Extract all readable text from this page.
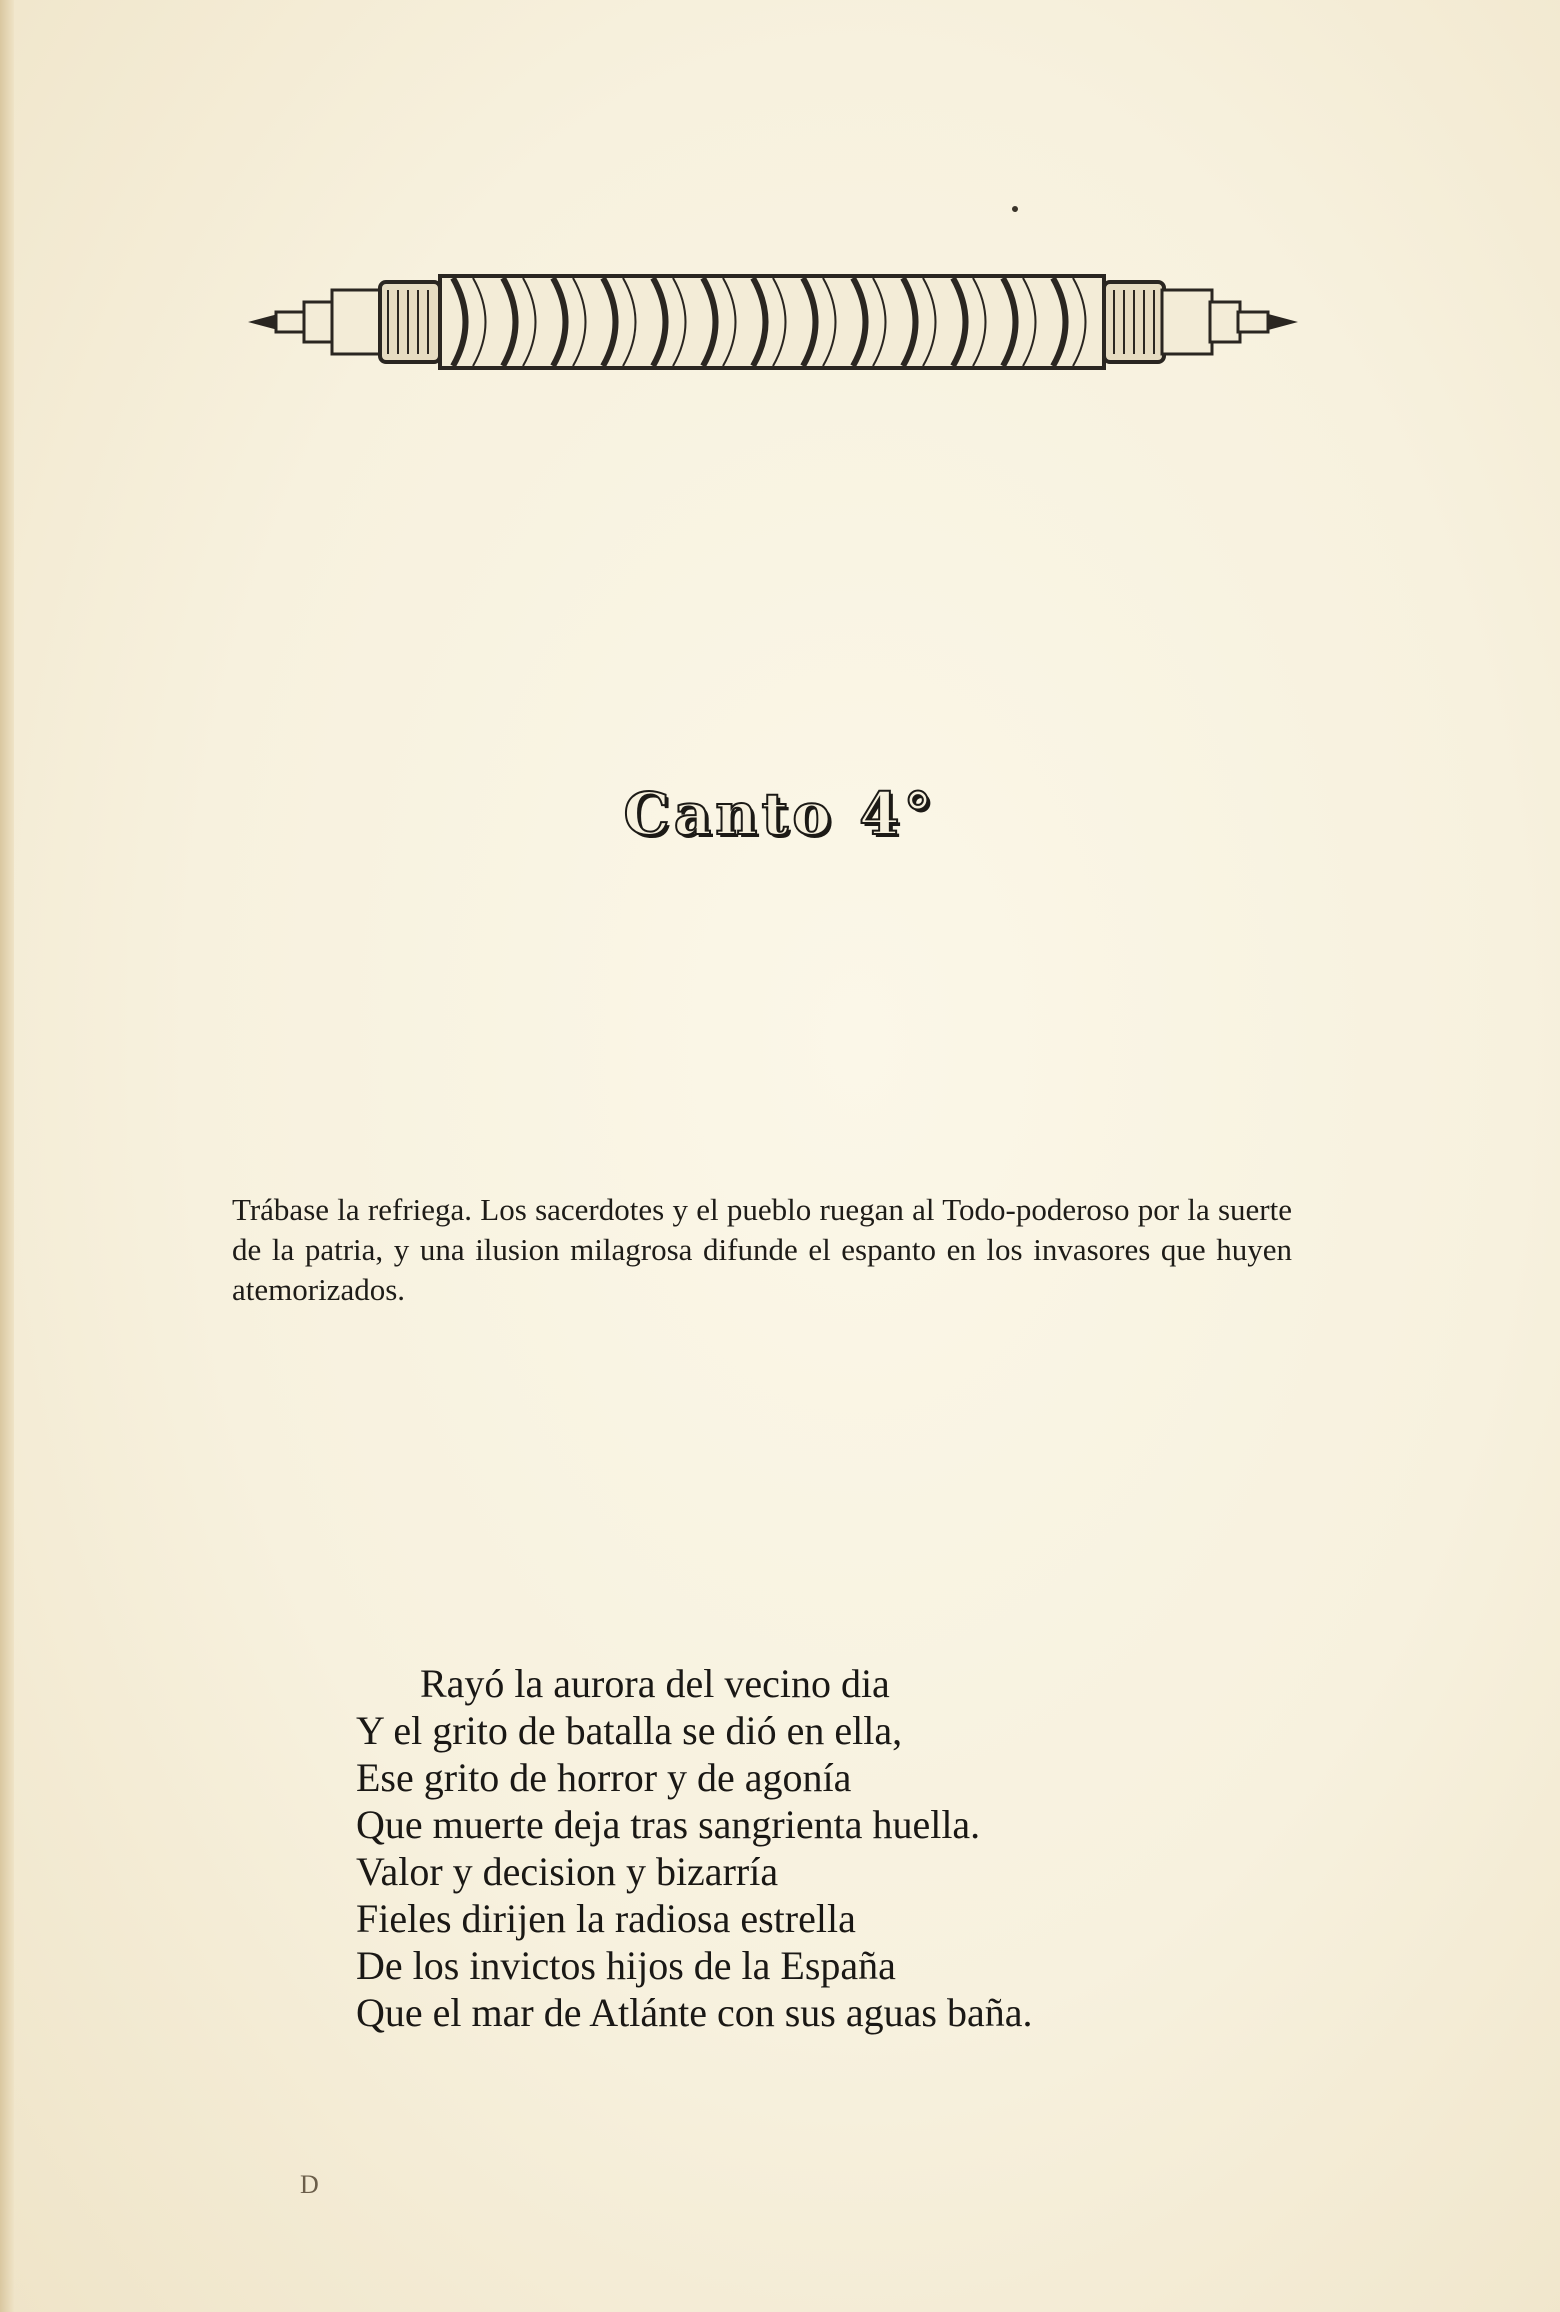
Canto 4°

Trábase la refriega. Los sacerdotes y el pueblo ruegan al Todo-poderoso por la suerte de la patria, y una ilusion milagrosa difunde el espanto en los invasores que huyen atemorizados.

Rayó la aurora del vecino dia
Y el grito de batalla se dió en ella,
Ese grito de horror y de agonía
Que muerte deja tras sangrienta huella.
Valor y decision y bizarría
Fieles dirijen la radiosa estrella
De los invictos hijos de la España
Que el mar de Atlánte con sus aguas baña.
D
